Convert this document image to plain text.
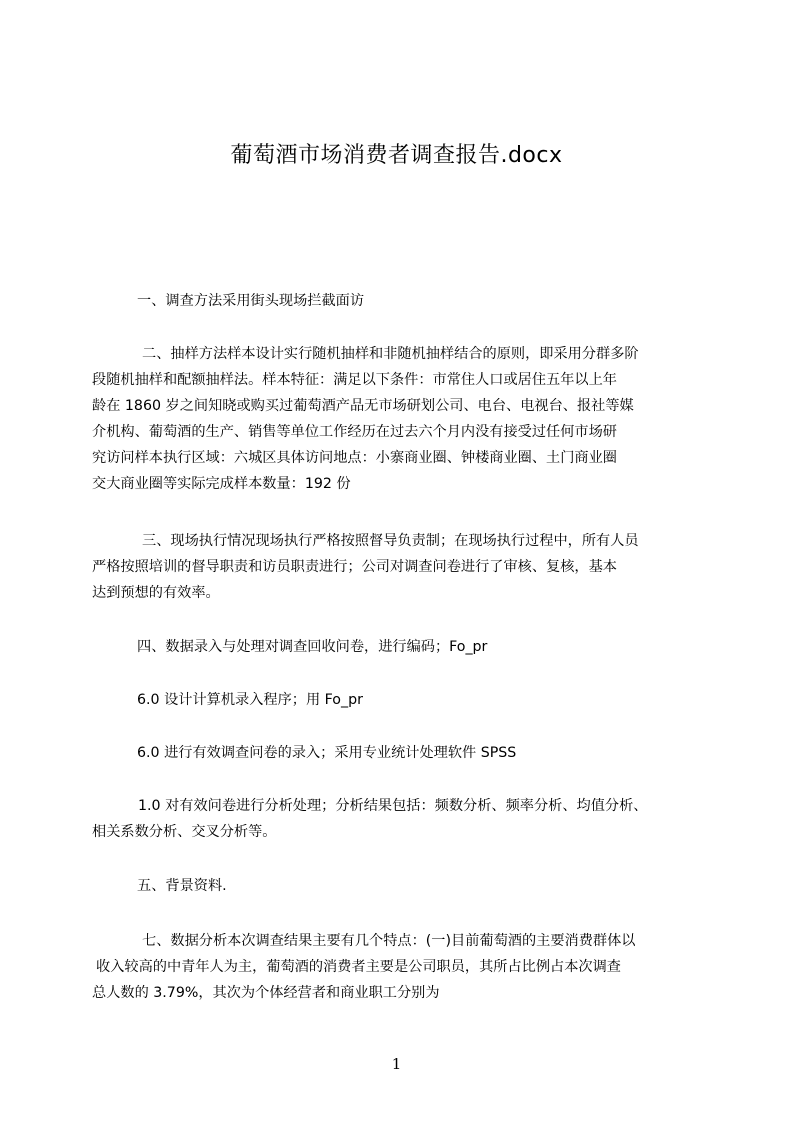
葡萄酒市场消费者调查报告.docx
一、调查方法采用街头现场拦截面访
二、抽样方法样本设计实行随机抽样和非随机抽样结合的原则，即采用分群多阶
段随机抽样和配额抽样法。样本特征：满足以下条件：市常住人口或居住五年以上年
龄在 1860 岁之间知晓或购买过葡萄酒产品无市场研划公司、电台、电视台、报社等媒
介机构、葡萄酒的生产、销售等单位工作经历在过去六个月内没有接受过任何市场研
究访问样本执行区域：六城区具体访问地点：小寨商业圈、钟楼商业圈、土门商业圈
交大商业圈等实际完成样本数量：192 份
三、现场执行情况现场执行严格按照督导负责制；在现场执行过程中，所有人员
严格按照培训的督导职责和访员职责进行；公司对调查问卷进行了审核、复核，基本
达到预想的有效率。
四、数据录入与处理对调查回收问卷，进行编码；Fo_pr
6.0 设计计算机录入程序；用 Fo_pr
6.0 进行有效调查问卷的录入；采用专业统计处理软件 SPSS
1.0 对有效问卷进行分析处理；分析结果包括：频数分析、频率分析、均值分析、
相关系数分析、交叉分析等。
五、背景资料.
七、数据分析本次调查结果主要有几个特点：(一)目前葡萄酒的主要消费群体以
收入较高的中青年人为主，葡萄酒的消费者主要是公司职员，其所占比例占本次调查
总人数的 3.79%，其次为个体经营者和商业职工分别为
1
